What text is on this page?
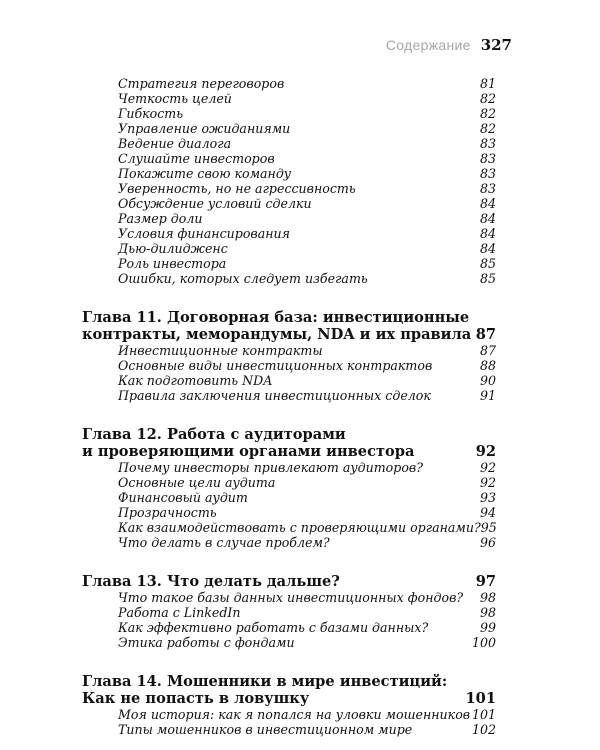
Содержание 327
Стратегия переговоров	81
Четкость целей	82
Гибкость	82
Управление ожиданиями	82
Ведение диалога	83
Слушайте инвесторов	83
Покажите свою команду	83
Уверенность, но не агрессивность	83
Обсуждение условий сделки	84
Размер доли	84
Условия финансирования	84
Дью-дилидженс	84
Роль инвестора	85
Ошибки, которых следует избегать	85
Глава 11. Договорная база: инвестиционные
контракты, меморандумы, NDA и их правила 87
Инвестиционные контракты	87
Основные виды инвестиционных контрактов	88
Как подготовить NDA	90
Правила заключения инвестиционных сделок	91
Глава 12. Работа с аудиторами
и проверяющими органами инвестора	92
Почему инвесторы привлекают аудиторов?	92
Основные цели аудита	92
Финансовый аудит	93
Прозрачность	94
Как взаимодействовать с проверяющими органами? 95
Что делать в случае проблем?	96
Глава 13. Что делать дальше?	97
Что такое базы данных инвестиционных фондов? 98
Работа с LinkedIn	98
Как эффективно работать с базами данных?	99
Этика работы с фондами	100
Глава 14. Мошенники в мире инвестиций:
Как не попасть в ловушку	101
Моя история: как я попался на уловки мошенников 101
Типы мошенников в инвестиционном мире	102
